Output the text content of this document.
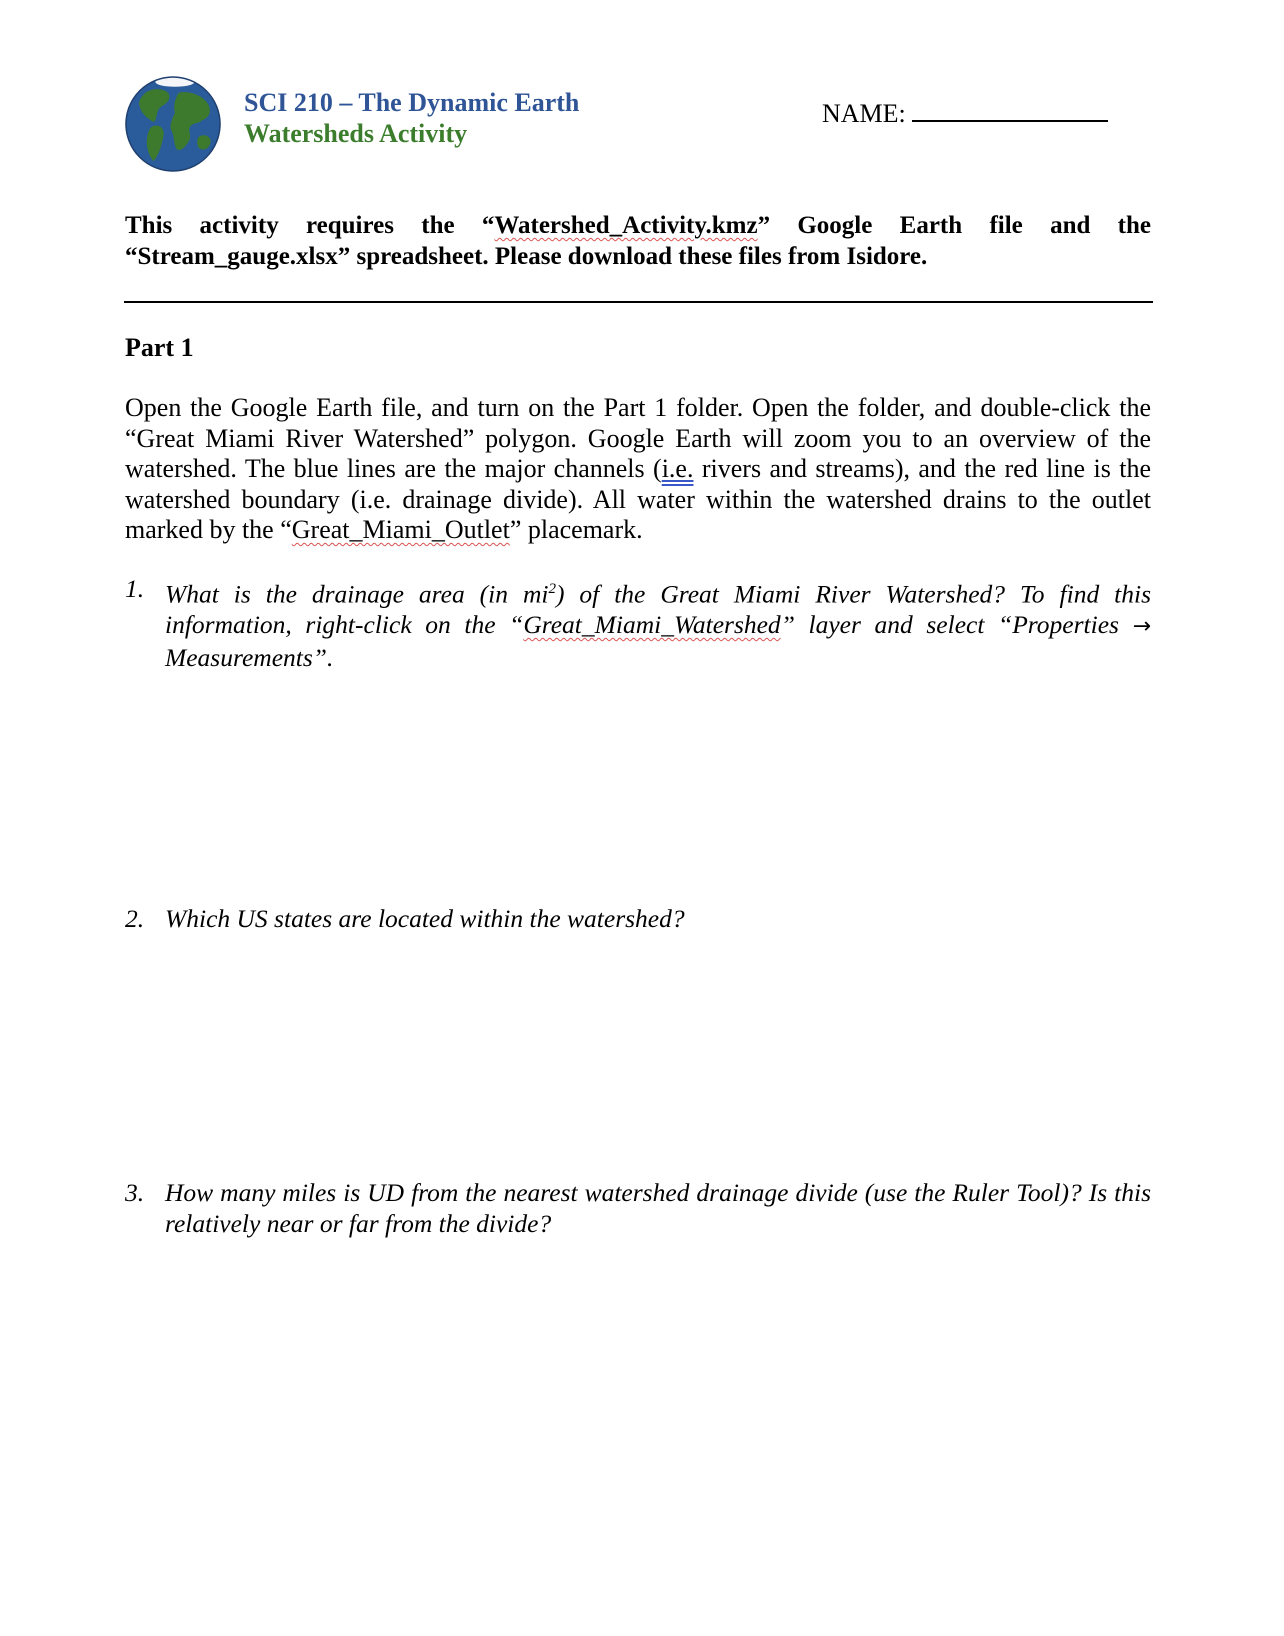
SCI 210 – The Dynamic Earth
Watersheds Activity
NAME:
This activity requires the “Watershed_Activity.kmz” Google Earth file and the
“Stream_gauge.xlsx” spreadsheet. Please download these files from Isidore.
Part 1
Open the Google Earth file, and turn on the Part 1 folder. Open the folder, and double-click the “Great Miami River Watershed” polygon. Google Earth will zoom you to an overview of the watershed. The blue lines are the major channels (i.e. rivers and streams), and the red line is the watershed boundary (i.e. drainage divide). All water within the watershed drains to the outlet marked by the “Great_Miami_Outlet” placemark.
1. What is the drainage area (in $mi^2$) of the Great Miami River Watershed? To find this information, right-click on the “Great_Miami_Watershed” layer and select “Properties → Measurements”.
2. Which US states are located within the watershed?
3. How many miles is UD from the nearest watershed drainage divide (use the Ruler Tool)? Is this relatively near or far from the divide?
